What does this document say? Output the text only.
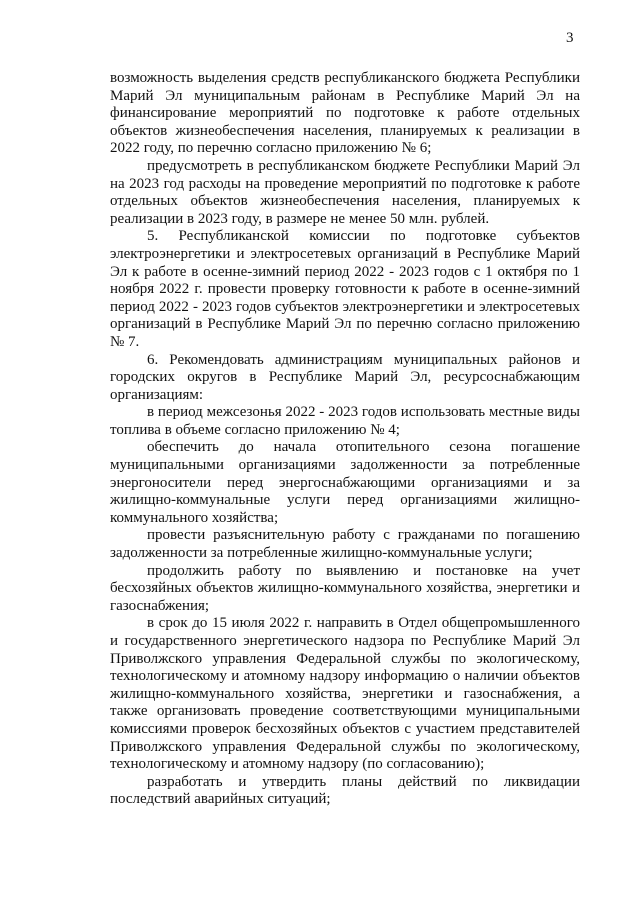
3

возможность выделения средств республиканского бюджета Республики Марий Эл муниципальным районам в Республике Марий Эл на финансирование мероприятий по подготовке к работе отдельных объектов жизнеобеспечения населения, планируемых к реализации в 2022 году, по перечню согласно приложению № 6;

предусмотреть в республиканском бюджете Республики Марий Эл на 2023 год расходы на проведение мероприятий по подготовке к работе отдельных объектов жизнеобеспечения населения, планируемых к реализации в 2023 году, в размере не менее 50 млн. рублей.

5. Республиканской комиссии по подготовке субъектов электроэнергетики и электросетевых организаций в Республике Марий Эл к работе в осенне-зимний период 2022 - 2023 годов с 1 октября по 1 ноября 2022 г. провести проверку готовности к работе в осенне-зимний период 2022 - 2023 годов субъектов электроэнергетики и электросетевых организаций в Республике Марий Эл по перечню согласно приложению № 7.

6. Рекомендовать администрациям муниципальных районов и городских округов в Республике Марий Эл, ресурсоснабжающим организациям:

в период межсезонья 2022 - 2023 годов использовать местные виды топлива в объеме согласно приложению № 4;

обеспечить до начала отопительного сезона погашение муниципальными организациями задолженности за потребленные энергоносители перед энергоснабжающими организациями и за жилищно-коммунальные услуги перед организациями жилищно-коммунального хозяйства;

провести разъяснительную работу с гражданами по погашению задолженности за потребленные жилищно-коммунальные услуги;

продолжить работу по выявлению и постановке на учет бесхозяйных объектов жилищно-коммунального хозяйства, энергетики и газоснабжения;

в срок до 15 июля 2022 г. направить в Отдел общепромышленного и государственного энергетического надзора по Республике Марий Эл Приволжского управления Федеральной службы по экологическому, технологическому и атомному надзору информацию о наличии объектов жилищно-коммунального хозяйства, энергетики и газоснабжения, а также организовать проведение соответствующими муниципальными комиссиями проверок бесхозяйных объектов с участием представителей Приволжского управления Федеральной службы по экологическому, технологическому и атомному надзору (по согласованию);

разработать и утвердить планы действий по ликвидации последствий аварийных ситуаций;
